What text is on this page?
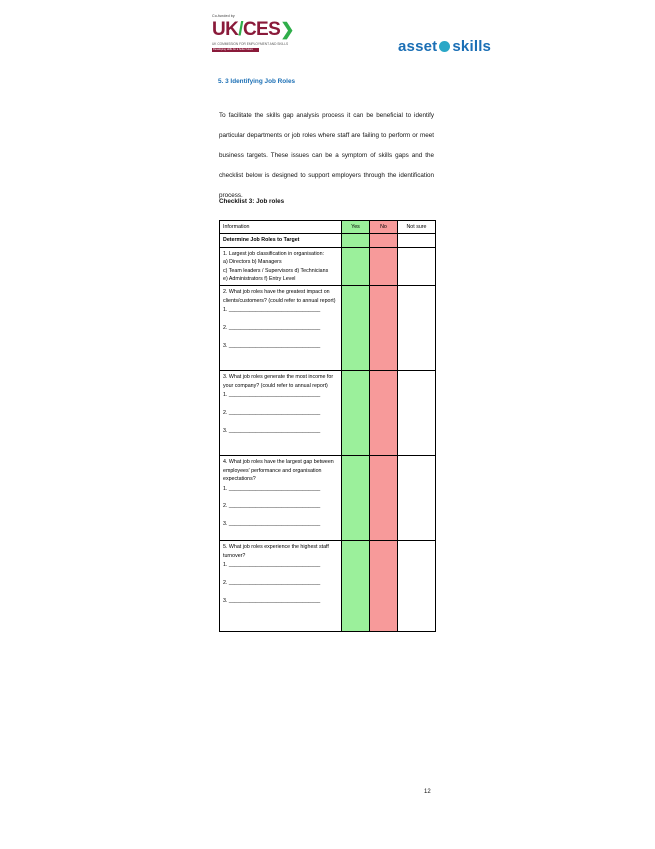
Co-funded by
UK/CES❯
UK COMMISSION FOR EMPLOYMENT AND SKILLS
Developing skills for a better future	asset skills
5. 3 Identifying Job Roles
To facilitate the skills gap analysis process it can be beneficial to identify particular departments or job roles where staff are failing to perform or meet business targets. These issues can be a symptom of skills gaps and the checklist below is designed to support employers through the identification process.
Checklist 3: Job roles
Information	Yes	No	Not sure
Determine Job Roles to Target			

1. Largest job classification in organisation:
a) Directors b) Managers c) Team leaders / Supervisors d) Technicians e) Administrators f) Entry Level			

2. What job roles have the greatest impact on clients/customers? (could refer to annual report)
1. _______________________________

2. _______________________________

3. _______________________________			

3. What job roles generate the most income for your company? (could refer to annual report)
1. _______________________________

2. _______________________________

3. _______________________________			

4. What job roles have the largest gap between employees' performance and organisation expectations?
1. _______________________________

2. _______________________________

3. _______________________________			

5. What job roles experience the highest staff turnover?
1. _______________________________

2. _______________________________

3. _______________________________			

12
